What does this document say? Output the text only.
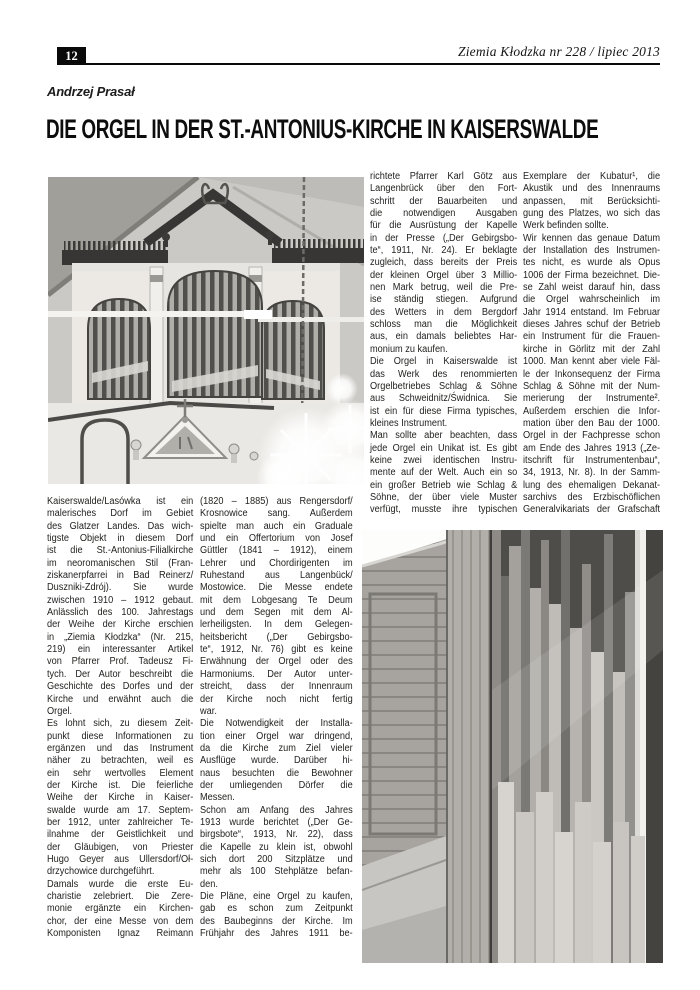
12	Ziemia Kłodzka nr 228 / lipiec 2013
Andrzej Prasał
DIE ORGEL IN DER ST.-ANTONIUS-KIRCHE IN KAISERSWALDE
Kaiserswalde/Lasówka ist ein
malerisches Dorf im Gebiet
des Glatzer Landes. Das wich-
tigste Objekt in diesem Dorf
ist die St.-Antonius-Filialkirche
im neoromanischen Stil (Fran-
ziskanerpfarrei in Bad Reinerz/
Duszniki-Zdrój). Sie wurde
zwischen 1910 – 1912 gebaut.
Anlässlich des 100. Jahrestags
der Weihe der Kirche erschien
in „Ziemia Kłodzka“ (Nr. 215,
219) ein interessanter Artikel
von Pfarrer Prof. Tadeusz Fi-
tych. Der Autor beschreibt die
Geschichte des Dorfes und der
Kirche und erwähnt auch die
Orgel.
Es lohnt sich, zu diesem Zeit-
punkt diese Informationen zu
ergänzen und das Instrument
näher zu betrachten, weil es
ein sehr wertvolles Element
der Kirche ist. Die feierliche
Weihe der Kirche in Kaiser-
swalde wurde am 17. Septem-
ber 1912, unter zahlreicher Te-
ilnahme der Geistlichkeit und
der Gläubigen, von Priester
Hugo Geyer aus Ullersdorf/Oł-
drzychowice durchgeführt.
Damals wurde die erste Eu-
charistie zelebriert. Die Zere-
monie ergänzte ein Kirchen-
chor, der eine Messe von dem
Komponisten Ignaz Reimann
(1820 – 1885) aus Rengersdorf/
Krosnowice sang. Außerdem
spielte man auch ein Graduale
und ein Offertorium von Josef
Güttler (1841 – 1912), einem
Lehrer und Chordirigenten im
Ruhestand aus Langenbück/
Mostowice. Die Messe endete
mit dem Lobgesang Te Deum
und dem Segen mit dem Al-
lerheiligsten. In dem Gelegen-
heitsbericht („Der Gebirgsbo-
te“, 1912, Nr. 76) gibt es keine
Erwähnung der Orgel oder des
Harmoniums. Der Autor unter-
streicht, dass der Innenraum
der Kirche noch nicht fertig
war.
Die Notwendigkeit der Installa-
tion einer Orgel war dringend,
da die Kirche zum Ziel vieler
Ausflüge wurde. Darüber hi-
naus besuchten die Bewohner
der umliegenden Dörfer die
Messen.
Schon am Anfang des Jahres
1913 wurde berichtet („Der Ge-
birgsbote“, 1913, Nr. 22), dass
die Kapelle zu klein ist, obwohl
sich dort 200 Sitzplätze und
mehr als 100 Stehplätze befan-
den.
Die Pläne, eine Orgel zu kaufen,
gab es schon zum Zeitpunkt
des Baubeginns der Kirche. Im
Frühjahr des Jahres 1911 be-
richtete Pfarrer Karl Götz aus
Langenbrück über den Fort-
schritt der Bauarbeiten und
die notwendigen Ausgaben
für die Ausrüstung der Kapelle
in der Presse („Der Gebirgsbo-
te“, 1911, Nr. 24). Er beklagte
zugleich, dass bereits der Preis
der kleinen Orgel über 3 Millio-
nen Mark betrug, weil die Pre-
ise ständig stiegen. Aufgrund
des Wetters in dem Bergdorf
schloss man die Möglichkeit
aus, ein damals beliebtes Har-
monium zu kaufen.
Die Orgel in Kaiserswalde ist
das Werk des renommierten
Orgelbetriebes Schlag & Söhne
aus Schweidnitz/Świdnica. Sie
ist ein für diese Firma typisches,
kleines Instrument.
Man sollte aber beachten, dass
jede Orgel ein Unikat ist. Es gibt
keine zwei identischen Instru-
mente auf der Welt. Auch ein so
ein großer Betrieb wie Schlag &
Söhne, der über viele Muster
verfügt, musste ihre typischen
Exemplare der Kubatur¹, die
Akustik und des Innenraums
anpassen, mit Berücksichti-
gung des Platzes, wo sich das
Werk befinden sollte.
Wir kennen das genaue Datum
der Installation des Instrumen-
tes nicht, es wurde als Opus
1006 der Firma bezeichnet. Die-
se Zahl weist darauf hin, dass
die Orgel wahrscheinlich im
Jahr 1914 entstand. Im Februar
dieses Jahres schuf der Betrieb
ein Instrument für die Frauen-
kirche in Görlitz mit der Zahl
1000. Man kennt aber viele Fäl-
le der Inkonsequenz der Firma
Schlag & Söhne mit der Num-
merierung der Instrumente².
Außerdem erschien die Infor-
mation über den Bau der 1000.
Orgel in der Fachpresse schon
am Ende des Jahres 1913 („Ze-
itschrift für Instrumentenbau“,
34, 1913, Nr. 8). In der Samm-
lung des ehemaligen Dekanat-
sarchivs des Erzbischöflichen
Generalvikariats der Grafschaft
